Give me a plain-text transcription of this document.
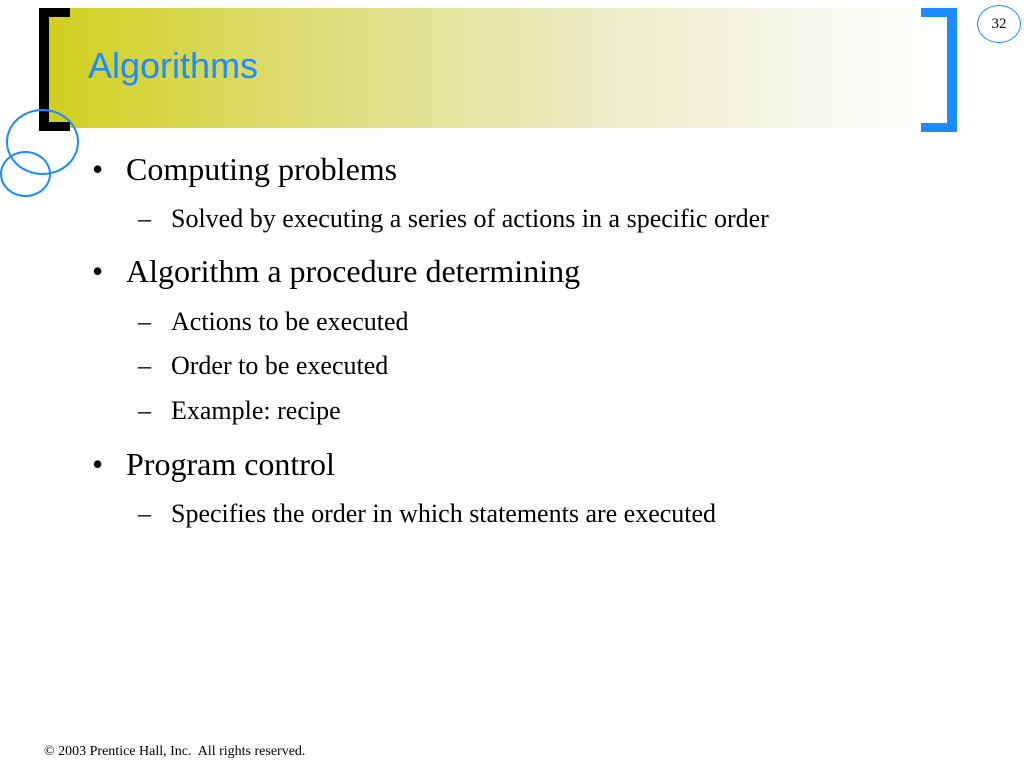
Algorithms
32
• Computing problems
– Solved by executing a series of actions in a specific order
• Algorithm a procedure determining
– Actions to be executed
– Order to be executed
– Example: recipe
• Program control
– Specifies the order in which statements are executed
© 2003 Prentice Hall, Inc.  All rights reserved.
